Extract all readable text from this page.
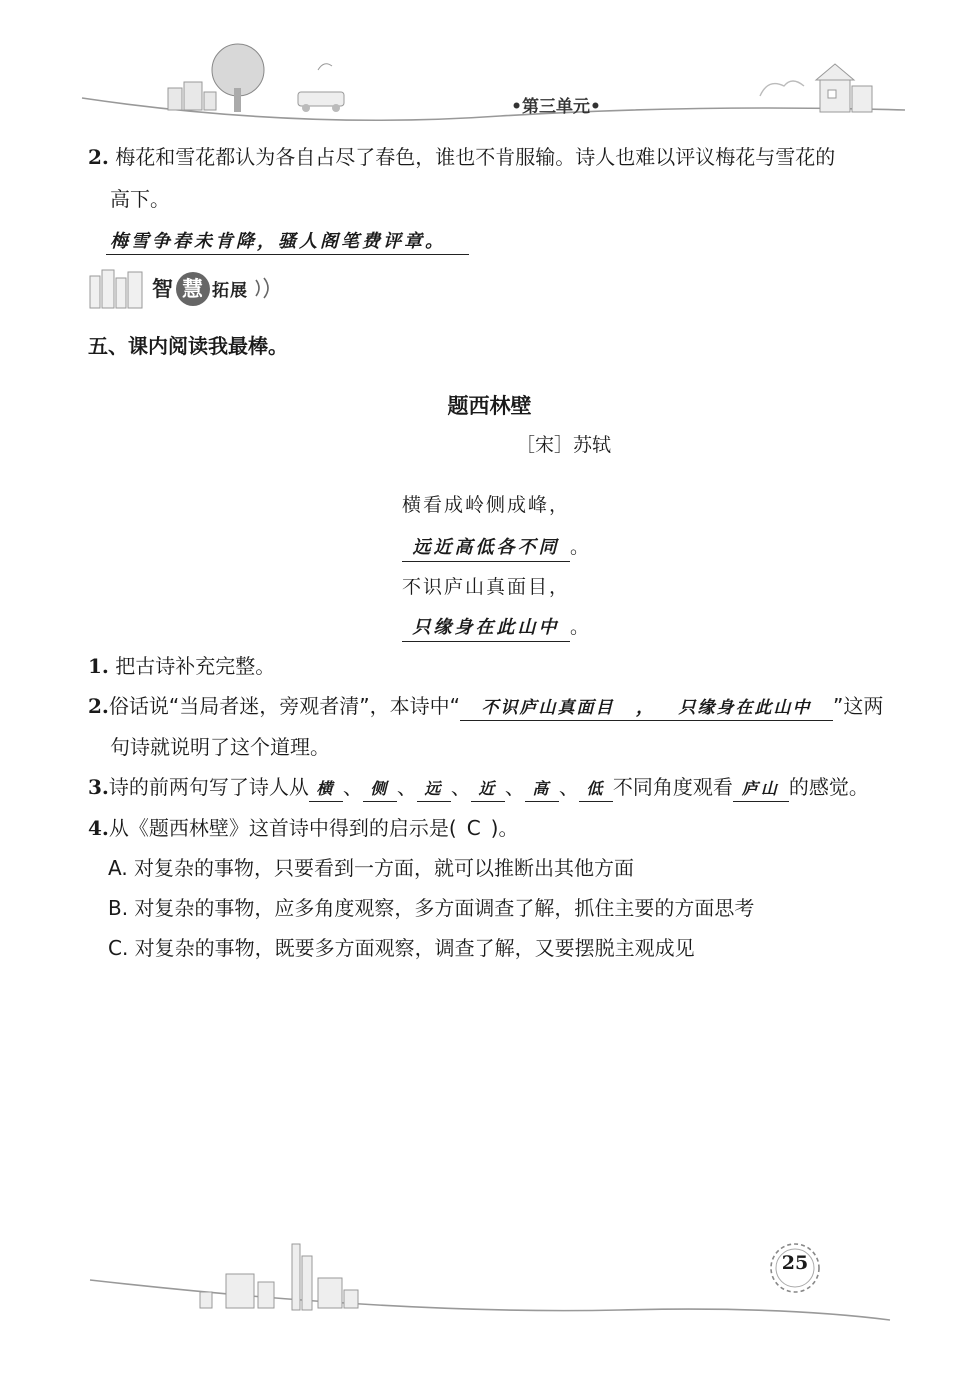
•第三单元•
2. 梅花和雪花都认为各自占尽了春色，谁也不肯服输。诗人也难以评议梅花与雪花的
高下。
梅雪争春未肯降，骚人阁笔费评章。
智 慧 拓展
五、课内阅读我最棒。
题西林壁
［宋］苏轼
横看成岭侧成峰，
远近高低各不同 。
不识庐山真面目，
只缘身在此山中 。
1. 把古诗补充完整。
2.俗话说“当局者迷，旁观者清”，本诗中“ 不识庐山真面目 ， 只缘身在此山中 ”这两
句诗就说明了这个道理。
3.诗的前两句写了诗人从 横 、 侧 、 远 、 近 、 高 、 低 不同角度观看 庐山 的感觉。
4.从《题西林壁》这首诗中得到的启示是( C )。
A. 对复杂的事物，只要看到一方面，就可以推断出其他方面
B. 对复杂的事物，应多角度观察，多方面调查了解，抓住主要的方面思考
C. 对复杂的事物，既要多方面观察，调查了解，又要摆脱主观成见
25
